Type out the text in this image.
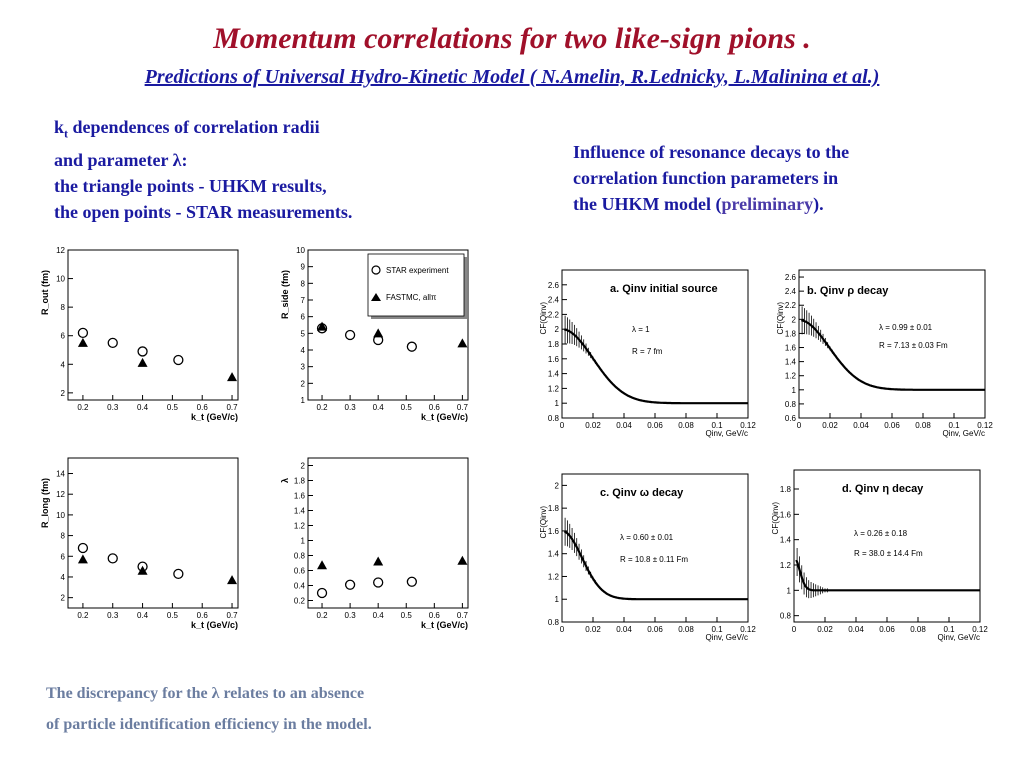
Momentum correlations for two like-sign pions .
Predictions of Universal Hydro-Kinetic Model ( N.Amelin, R.Lednicky, L.Malinina et al.)
$k_t$ dependences of correlation radii
and parameter λ:
the triangle points - UHKM results,
the open points - STAR measurements.
Influence of resonance decays to the
correlation function parameters in
the UHKM model (preliminary).
The discrepancy for the λ relates to an absence
of particle identification efficiency in the model.
0.2 0.3 0.4 0.5 0.6 0.7
2
4
6
8
10
12
k_t (GeV/c)
R_out (fm)
0.2 0.3 0.4 0.5 0.6 0.7
1
2
3
4
5
6
7
8
9
10
k_t (GeV/c)
R_side (fm)	STAR experiment
FASTMC, allπ
0.2 0.3 0.4 0.5 0.6 0.7
2
4
6
8
10
12
14
k_t (GeV/c)
R_long (fm)
0.2 0.3 0.4 0.5 0.6 0.7
0.2
0.4
0.6
0.8
1
1.2
1.4
1.6
1.8
2
k_t (GeV/c)
λ
0	0.02 0.04 0.06 0.08 0.1 0.12
0.8
1
1.2
1.4
1.6
1.8
2
2.2
2.4
2.6
Qinv, GeV/c
CF(Qinv)
a. Qinv initial source
λ = 1
R = 7 fm
0	0.02 0.04 0.06 0.08 0.1 0.12
0.6
0.8
1
1.2
1.4
1.6
1.8
2
2.2
2.4
2.6
Qinv, GeV/c
CF(Qinv)
b. Qinv ρ decay
λ = 0.99 ± 0.01
R = 7.13 ± 0.03 Fm
0	0.02 0.04 0.06 0.08 0.1 0.12
0.8
1
1.2
1.4
1.6
1.8
2
Qinv, GeV/c
CF(Qinv)
c. Qinv ω decay
λ = 0.60 ± 0.01
R = 10.8 ± 0.11 Fm
0	0.02 0.04 0.06 0.08 0.1 0.12
0.8
1
1.2
1.4
1.6
1.8
Qinv, GeV/c
CF(Qinv)
d. Qinv η decay
λ = 0.26 ± 0.18
R = 38.0 ± 14.4 Fm
